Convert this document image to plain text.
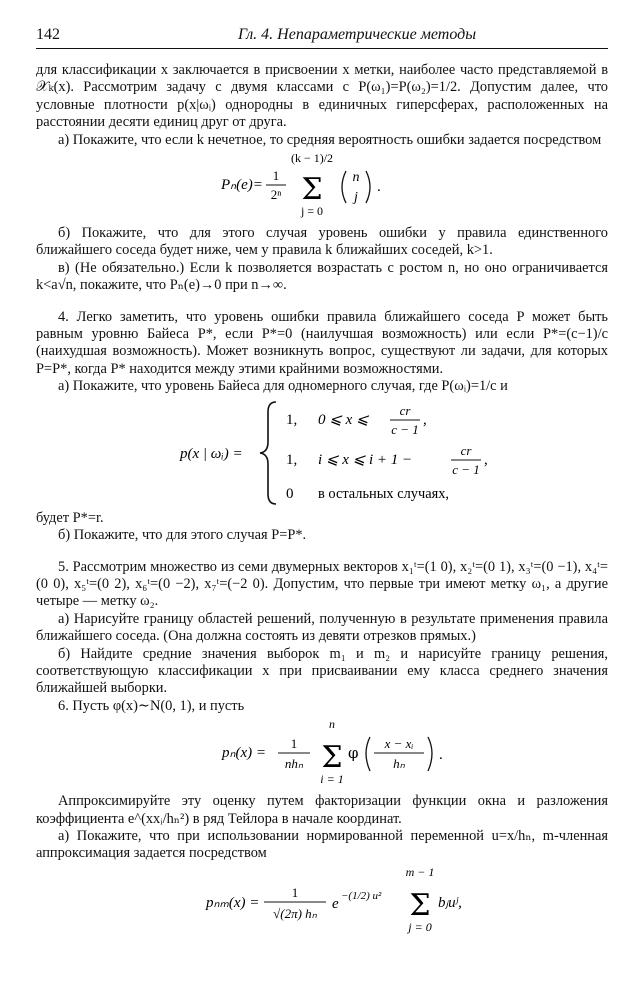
142	Гл. 4. Непараметрические методы

для классификации x заключается в присвоении x метки, наиболее часто представляемой в 𝒳ₖ(x). Рассмотрим задачу с двумя классами с P(ω₁)=P(ω₂)=1/2. Допустим далее, что условные плотности p(x|ωᵢ) однородны в единичных гиперсферах, расположенных на расстоянии десяти единиц друг от друга.

а) Покажите, что если k нечетное, то средняя вероятность ошибки задается посредством

Pₙ(e)=
1
2ⁿ
(k − 1)/2
Σ
j = 0
n
j
.

б) Покажите, что для этого случая уровень ошибки у правила единственного ближайшего соседа будет ниже, чем у правила k ближайших соседей, k>1.

в) (Не обязательно.) Если k позволяется возрастать с ростом n, но оно ограничивается k<a√n, покажите, что Pₙ(e)→0 при n→∞.

4. Легко заметить, что уровень ошибки правила ближайшего соседа P может быть равным уровню Байеса P*, если P*=0 (наилучшая возможность) или если P*=(c−1)/c (наихудшая возможность). Может возникнуть вопрос, существуют ли задачи, для которых P=P*, когда P* находится между этими крайними возможностями.

а) Покажите, что уровень Байеса для одномерного случая, где P(ωᵢ)=1/c и

p(x | ωᵢ) =
1, 0 ⩽ x ⩽
cr
c − 1
,
1, i ⩽ x ⩽ i + 1 −
cr
c − 1
,
0 в остальных случаях,

будет P*=r.

б) Покажите, что для этого случая P=P*.

5. Рассмотрим множество из семи двумерных векторов x₁ᵗ=(1 0), x₂ᵗ=(0 1), x₃ᵗ=(0 −1), x₄ᵗ=(0 0), x₅ᵗ=(0 2), x₆ᵗ=(0 −2), x₇ᵗ=(−2 0). Допустим, что первые три имеют метку ω₁, а другие четыре — метку ω₂.

а) Нарисуйте границу областей решений, полученную в результате применения правила ближайшего соседа. (Она должна состоять из девяти отрезков прямых.)

б) Найдите средние значения выборок m₁ и m₂ и нарисуйте границу решения, соответствующую классификации x при присваивании ему класса среднего значения ближайшей выборки.

6. Пусть φ(x)∼N(0, 1), и пусть

pₙ(x) =
1
nhₙ
n
Σ
i = 1
φ
x − xᵢ
hₙ
.

Аппроксимируйте эту оценку путем факторизации функции окна и разложения коэффициента e^(xxᵢ/hₙ²) в ряд Тейлора в начале координат.

а) Покажите, что при использовании нормированной переменной u=x/hₙ, m-членная аппроксимация задается посредством

pₙₘ(x) =
1
√(2π) hₙ
e −(1/2) u²
m − 1
Σ
j = 0
bⱼuʲ,
